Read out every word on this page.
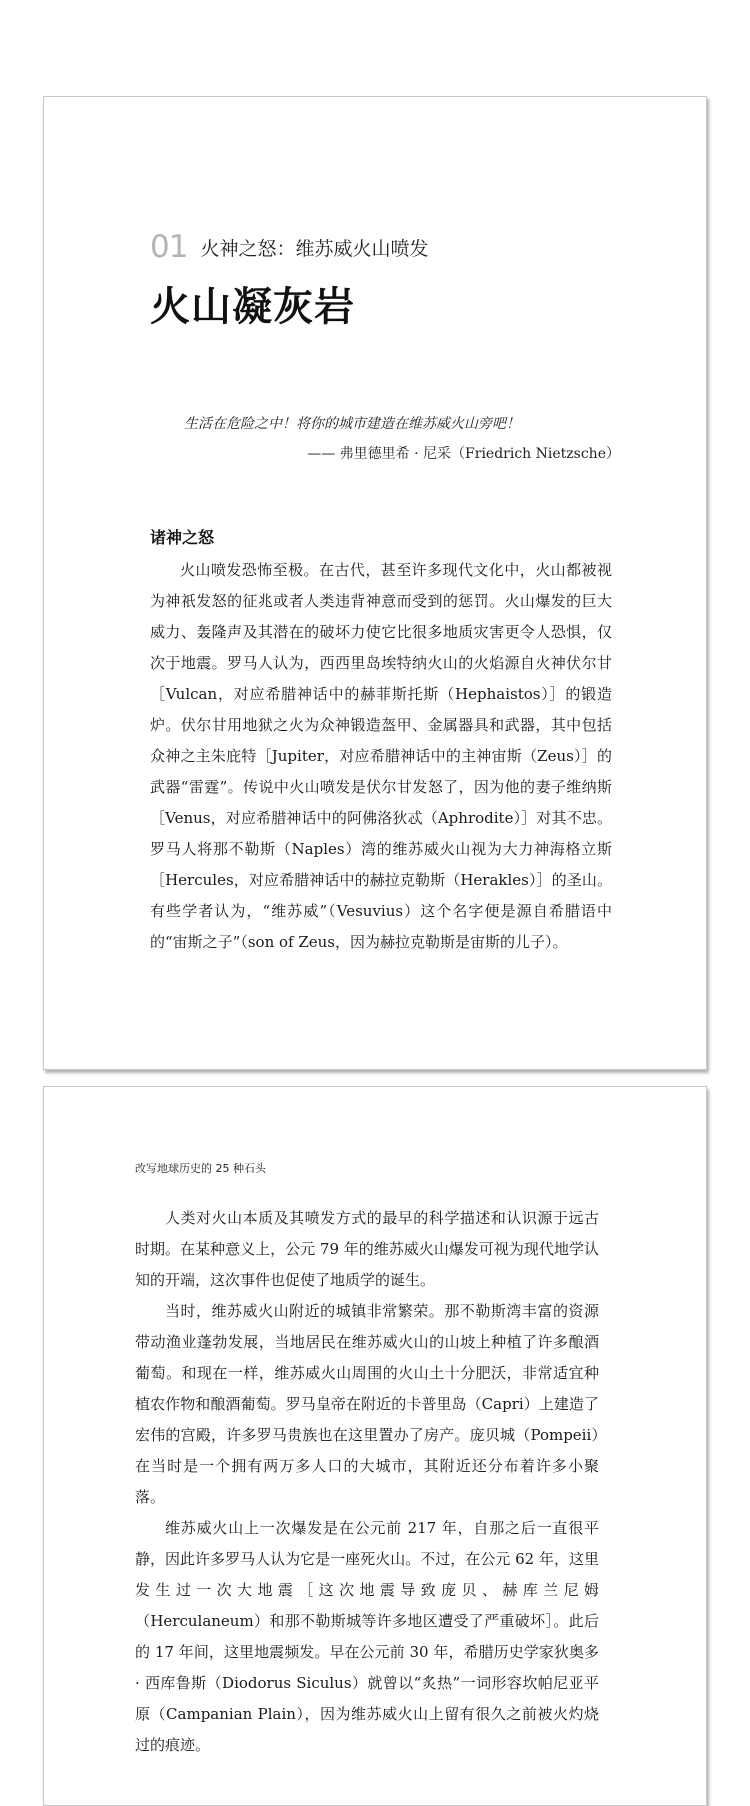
01 火神之怒：维苏威火山喷发
火山凝灰岩
生活在危险之中！将你的城市建造在维苏威火山旁吧！
—— 弗里德里希 · 尼采（Friedrich Nietzsche）
诸神之怒

火山喷发恐怖至极。在古代，甚至许多现代文化中，火山都被视为神祇发怒的征兆或者人类违背神意而受到的惩罚。火山爆发的巨大威力、轰隆声及其潜在的破坏力使它比很多地质灾害更令人恐惧，仅次于地震。罗马人认为，西西里岛埃特纳火山的火焰源自火神伏尔甘［Vulcan，对应希腊神话中的赫菲斯托斯（Hephaistos）］的锻造炉。伏尔甘用地狱之火为众神锻造盔甲、金属器具和武器，其中包括众神之主朱庇特［Jupiter，对应希腊神话中的主神宙斯（Zeus）］的武器“雷霆”。传说中火山喷发是伏尔甘发怒了，因为他的妻子维纳斯［Venus，对应希腊神话中的阿佛洛狄忒（Aphrodite）］对其不忠。罗马人将那不勒斯（Naples）湾的维苏威火山视为大力神海格立斯［Hercules，对应希腊神话中的赫拉克勒斯（Herakles）］的圣山。有些学者认为，“维苏威”（Vesuvius）这个名字便是源自希腊语中的“宙斯之子”（son of Zeus，因为赫拉克勒斯是宙斯的儿子）。

改写地球历史的 25 种石头

人类对火山本质及其喷发方式的最早的科学描述和认识源于远古时期。在某种意义上，公元 79 年的维苏威火山爆发可视为现代地学认知的开端，这次事件也促使了地质学的诞生。

当时，维苏威火山附近的城镇非常繁荣。那不勒斯湾丰富的资源带动渔业蓬勃发展，当地居民在维苏威火山的山坡上种植了许多酿酒葡萄。和现在一样，维苏威火山周围的火山土十分肥沃，非常适宜种植农作物和酿酒葡萄。罗马皇帝在附近的卡普里岛（Capri）上建造了宏伟的宫殿，许多罗马贵族也在这里置办了房产。庞贝城（Pompeii）在当时是一个拥有两万多人口的大城市，其附近还分布着许多小聚落。

维苏威火山上一次爆发是在公元前 217 年，自那之后一直很平静，因此许多罗马人认为它是一座死火山。不过，在公元 62 年，这里发生过一次大地震［这次地震导致庞贝、赫库兰尼姆（Herculaneum）和那不勒斯城等许多地区遭受了严重破坏］。此后的 17 年间，这里地震频发。早在公元前 30 年，希腊历史学家狄奥多 · 西库鲁斯（Diodorus Siculus）就曾以“炙热”一词形容坎帕尼亚平原（Campanian Plain），因为维苏威火山上留有很久之前被火灼烧过的痕迹。
